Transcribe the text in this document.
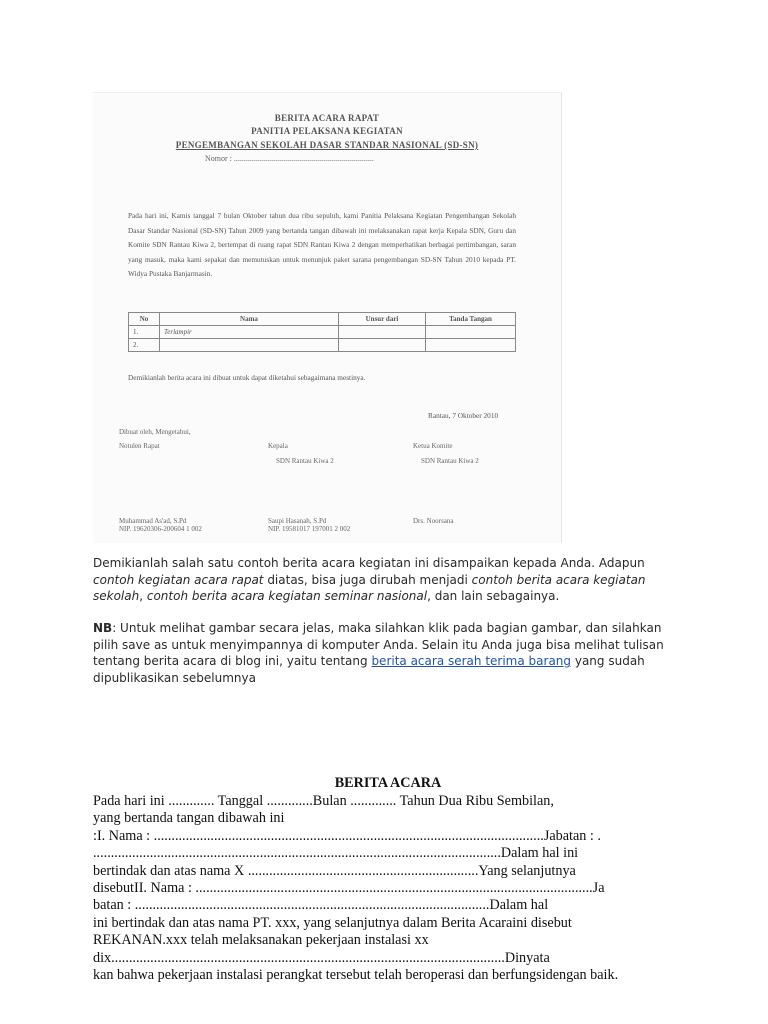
BERITA ACARA RAPAT
PANITIA PELAKSANA KEGIATAN
PENGEMBANGAN SEKOLAH DASAR STANDAR NASIONAL (SD-SN)
Nomor : ......................................................................
Pada hari ini, Kamis tanggal 7 bulan Oktober tahun dua ribu sepuluh, kami Panitia Pelaksana Kegiatan Pengembangan Sekolah Dasar Standar Nasional (SD-SN) Tahun 2009 yang bertanda tangan dibawah ini melaksanakan rapat kerja Kepala SDN, Guru dan Komite SDN Rantau Kiwa 2, bertempat di ruang rapat SDN Rantau Kiwa 2 dengan memperhatikan berbagai pertimbangan, saran yang masuk, maka kami sepakat dan memutuskan untuk menunjuk paket sarana pengembangan SD-SN Tahun 2010 kepada PT. Widya Pustaka Banjarmasin.
No	Nama	Unsur dari	Tanda Tangan
1.	Terlampir		
2.			
Demikianlah berita acara ini dibuat untuk dapat diketahui sebagaimana mestinya.
Rantau, 7 Oktober 2010
Dibuat oleh, Mengetahui,
Notulen Rapat	Kepala
SDN Rantau Kiwa 2
Ketua Komite
SDN Rantau Kiwa 2
Muhammad As'ad, S.Pd
NIP. 19620306-200604 1 002
Saupi Hasanah, S.Pd
NIP. 19581017 197001 2 002
Drs. Noorsana

Demikianlah salah satu contoh berita acara kegiatan ini disampaikan kepada Anda. Adapun contoh kegiatan acara rapat diatas, bisa juga dirubah menjadi contoh berita acara kegiatan sekolah, contoh berita acara kegiatan seminar nasional, dan lain sebagainya.

NB: Untuk melihat gambar secara jelas, maka silahkan klik pada bagian gambar, dan silahkan pilih save as untuk menyimpannya di komputer Anda. Selain itu Anda juga bisa melihat tulisan tentang berita acara di blog ini, yaitu tentang berita acara serah terima barang yang sudah dipublikasikan sebelumnya

BERITA ACARA
Pada hari ini ............. Tanggal .............Bulan ............. Tahun Dua Ribu Sembilan,
yang bertanda tangan dibawah ini
:I. Nama : ..............................................................................................................Jabatan : .
...................................................................................................................Dalam hal ini
bertindak dan atas nama X .................................................................Yang selanjutnya
disebutII. Nama : ................................................................................................................Ja
batan : ....................................................................................................Dalam hal
ini bertindak dan atas nama PT. xxx, yang selanjutnya dalam Berita Acaraini disebut
REKANAN.xxx telah melaksanakan pekerjaan instalasi xx
dix...............................................................................................................Dinyata
kan bahwa pekerjaan instalasi perangkat tersebut telah beroperasi dan berfungsidengan baik.
